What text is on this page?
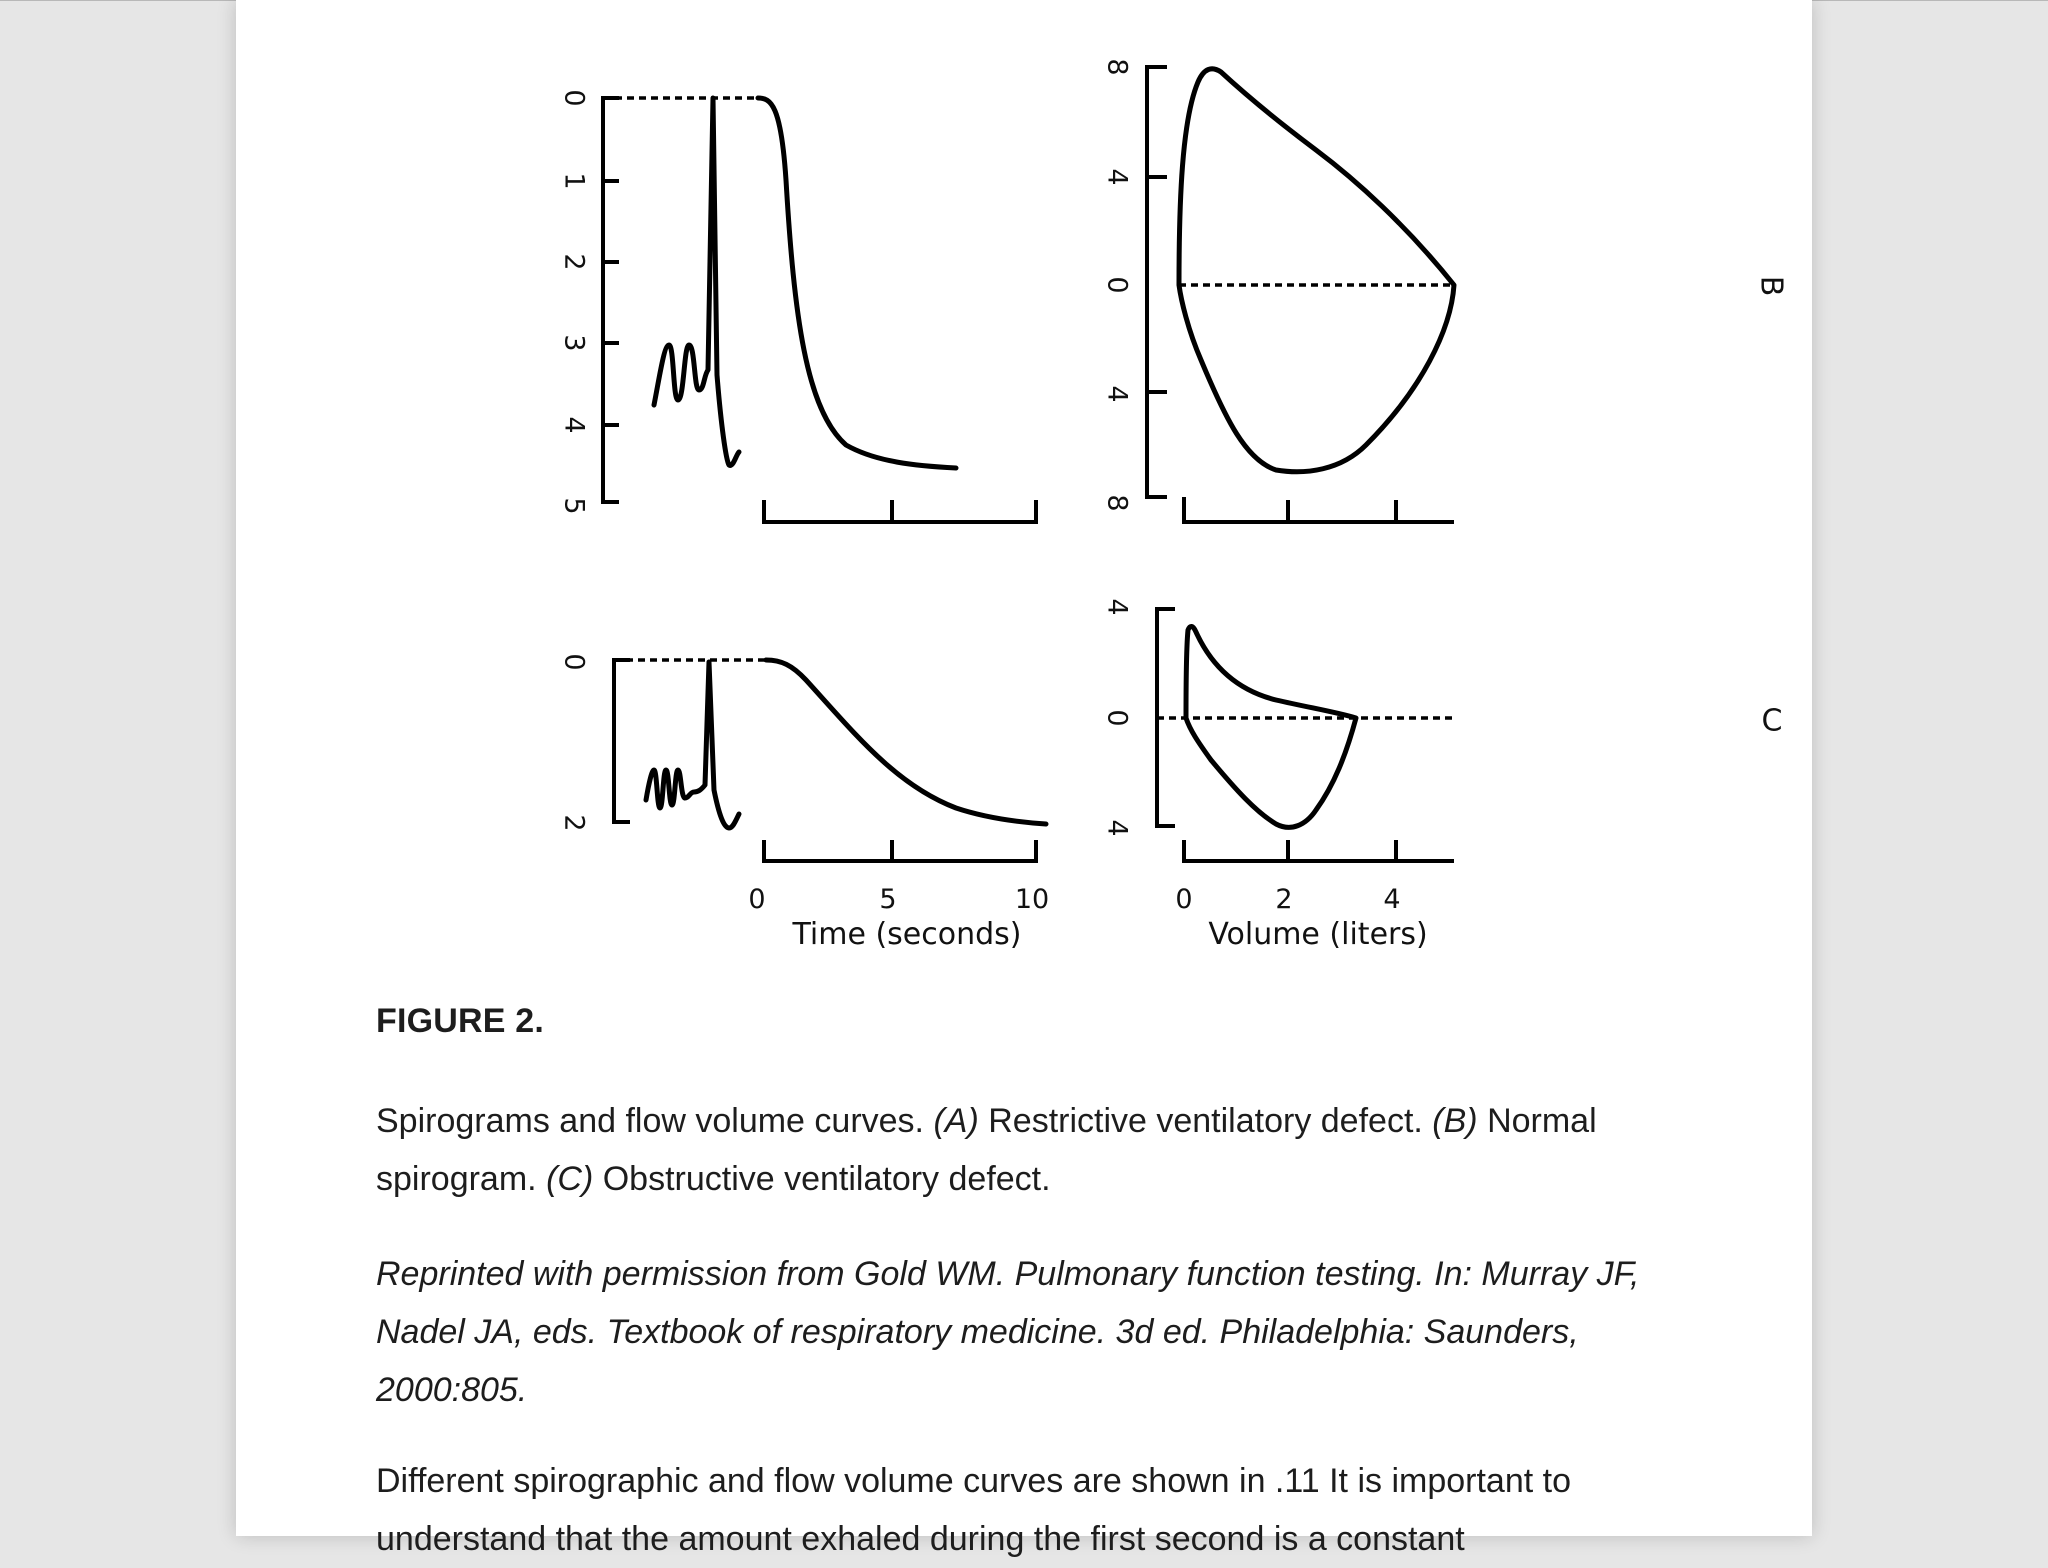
0
1
2
3
4
5
8
4
0
4
8
B
0
2
4
0
4
C
0	5	10
Time (seconds)
0	2	4
Volume (liters)
FIGURE 2.

Spirograms and flow volume curves. (A) Restrictive ventilatory defect. (B) Normal spirogram. (C) Obstructive ventilatory defect.

Reprinted with permission from Gold WM. Pulmonary function testing. In: Murray JF, Nadel JA, eds. Textbook of respiratory medicine. 3d ed. Philadelphia: Saunders, 2000:805.

Different spirographic and flow volume curves are shown in .11 It is important to understand that the amount exhaled during the first second is a constant
